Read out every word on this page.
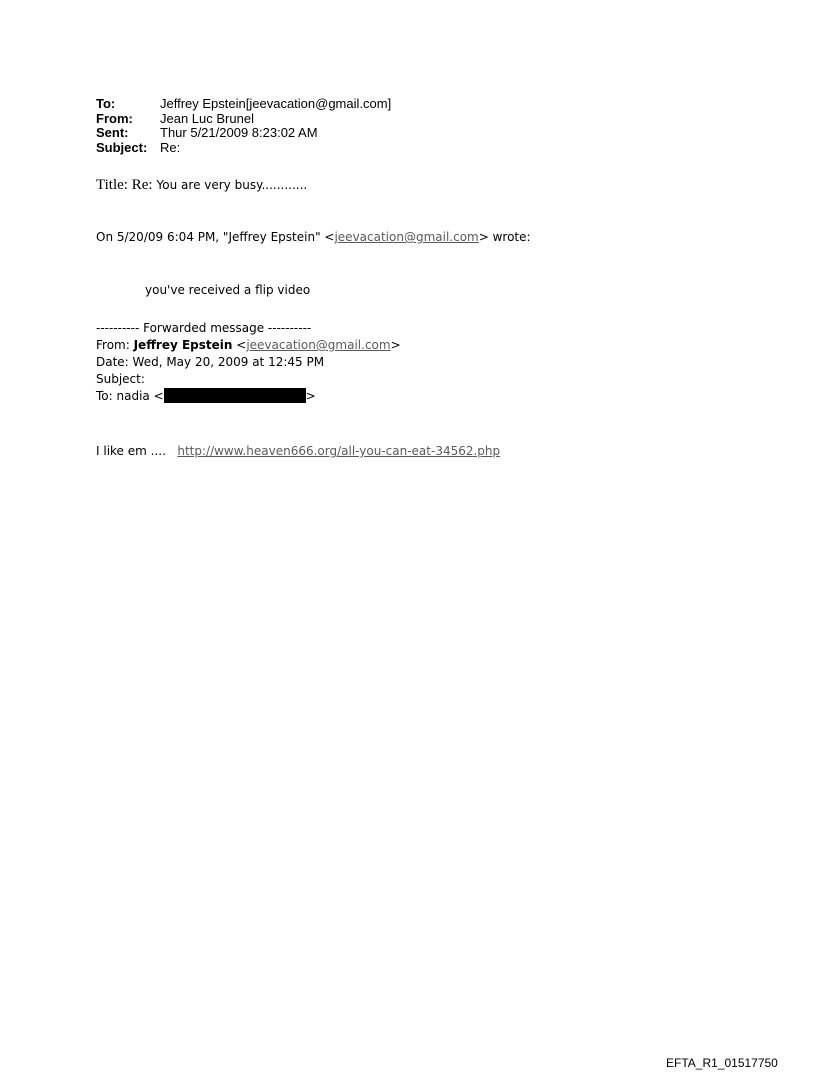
To:	Jeffrey Epstein[jeevacation@gmail.com]
From:	Jean Luc Brunel
Sent:	Thur 5/21/2009 8:23:02 AM
Subject: Re:
Title: Re: You are very busy............
On 5/20/09 6:04 PM, "Jeffrey Epstein" <jeevacation@gmail.com> wrote:
you've received a flip video
---------- Forwarded message ----------
From: Jeffrey Epstein <jeevacation@gmail.com>
Date: Wed, May 20, 2009 at 12:45 PM
Subject:
To: nadia <	>
I like em .... http://www.heaven666.org/all-you-can-eat-34562.php
EFTA_R1_01517750
